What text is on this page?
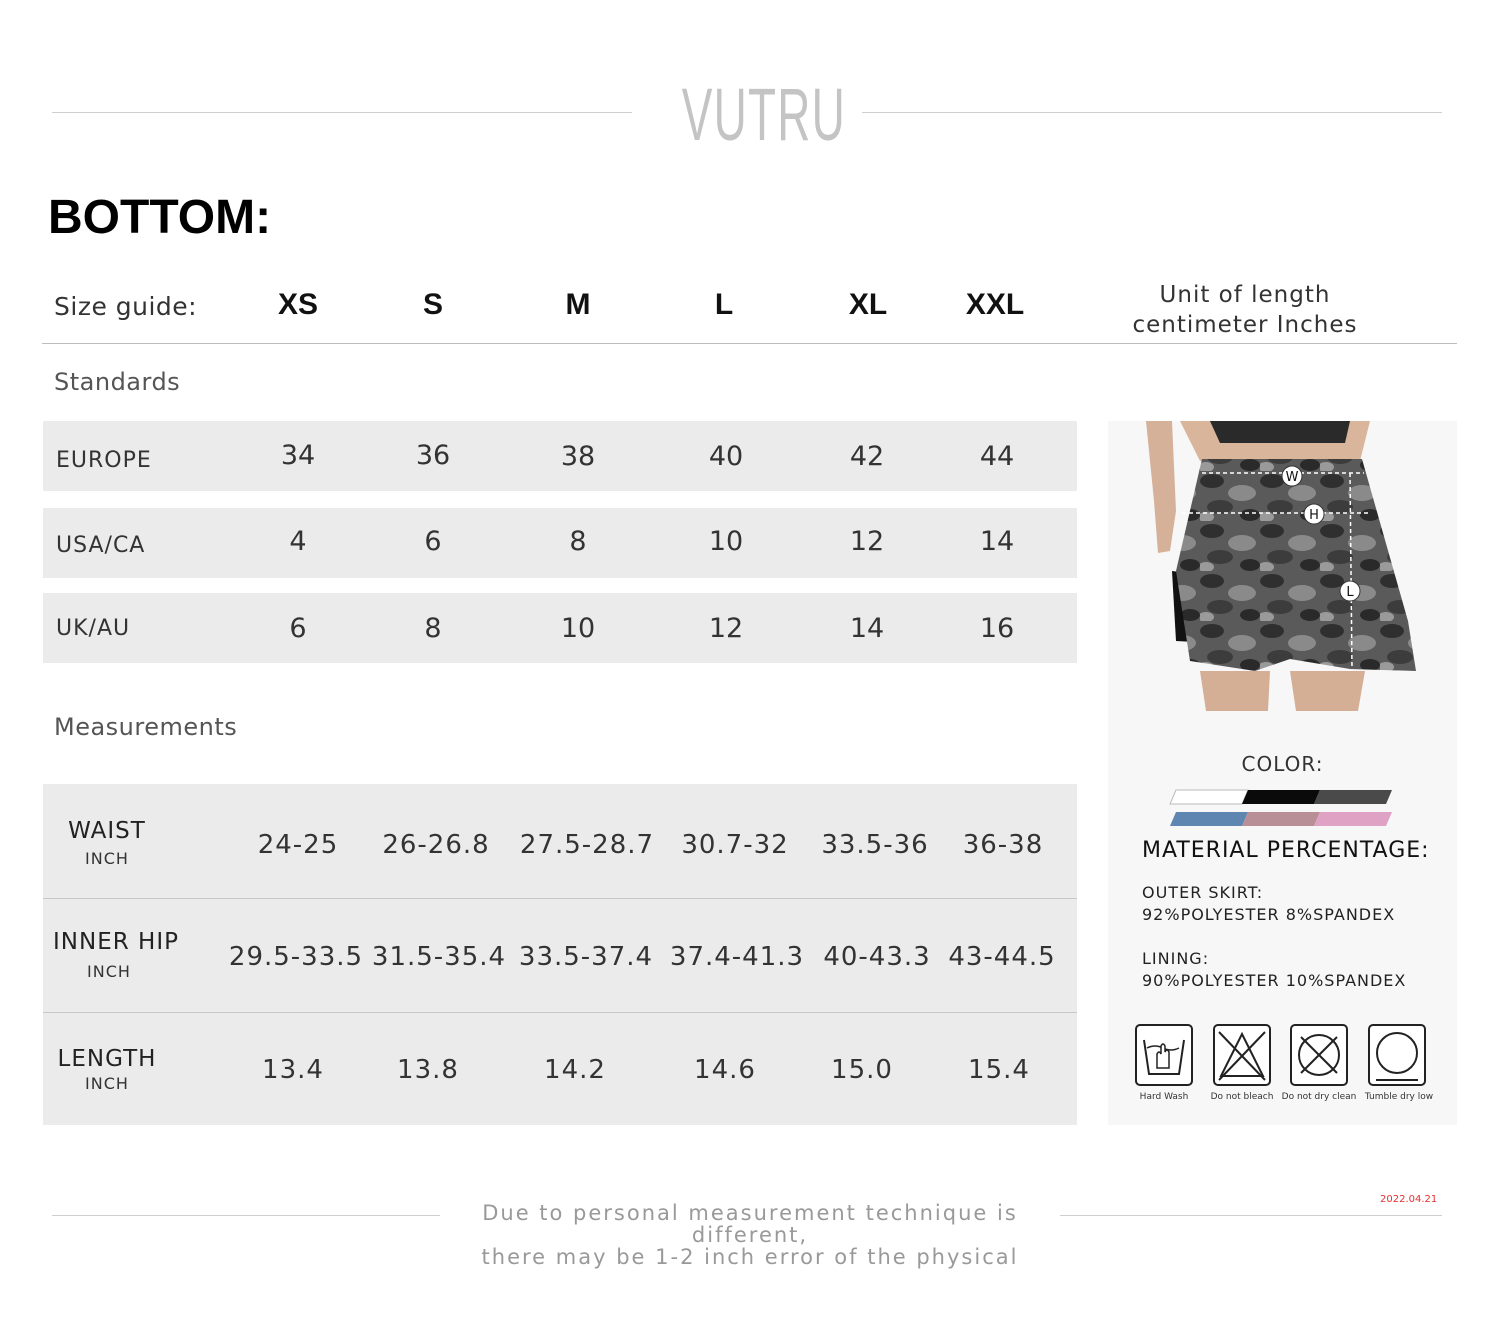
VUTRU
BOTTOM:
Size guide:	XS	S	M	L	XL	XXL	Unit of length
centimeter Inches
Standards
EUROPE	34	36	38	40	42	44
USA/CA	4	6	8	10	12	14
UK/AU	6	8	10	12	14	16
Measurements
WAIST
INCH	24-25	26-26.8	27.5-28.7	30.7-32	33.5-36	36-38
INNER HIP
INCH	29.5-33.5 31.5-35.4 33.5-37.4 37.4-41.3 40-43.3 43-44.5
LENGTH
INCH	13.4	13.8	14.2	14.6	15.0	15.4
W
H
L
COLOR:
MATERIAL PERCENTAGE:
OUTER SKIRT:
92%POLYESTER 8%SPANDEX
LINING:
90%POLYESTER 10%SPANDEX
Hard Wash	Do not bleach Do not dry clean Tumble dry low
Due to personal measurement technique is different,
there may be 1-2 inch error of the physical
2022.04.21
